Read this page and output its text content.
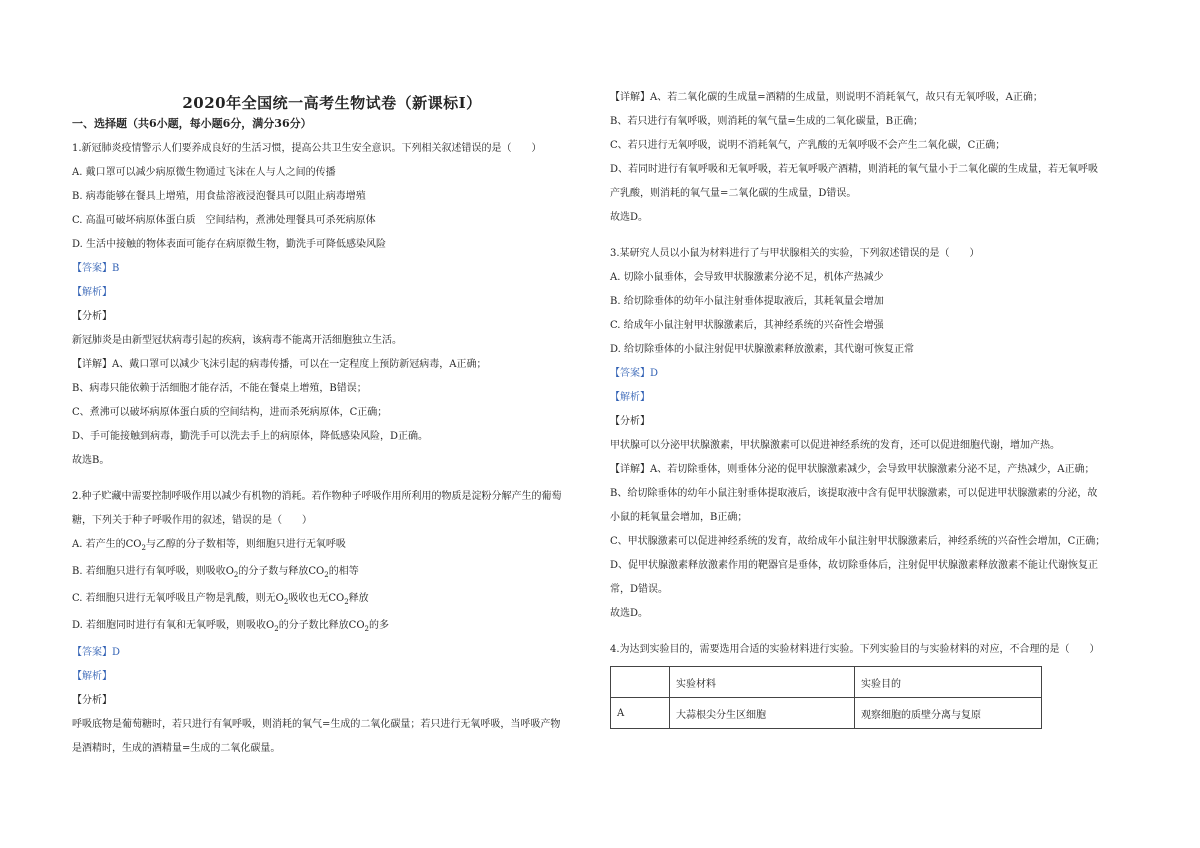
2020年全国统一高考生物试卷（新课标Ⅰ）
一、选择题（共6小题，每小题6分，满分36分）
1.新冠肺炎疫情警示人们要养成良好的生活习惯，提高公共卫生安全意识。下列相关叙述错误的是（　　）
A. 戴口罩可以减少病原微生物通过飞沫在人与人之间的传播
B. 病毒能够在餐具上增殖，用食盐溶液浸泡餐具可以阻止病毒增殖
C. 高温可破坏病原体蛋白质　空间结构，煮沸处理餐具可杀死病原体
D. 生活中接触的物体表面可能存在病原微生物，勤洗手可降低感染风险
【答案】B
【解析】
【分析】
新冠肺炎是由新型冠状病毒引起的疾病，该病毒不能离开活细胞独立生活。
【详解】A、戴口罩可以减少飞沫引起的病毒传播，可以在一定程度上预防新冠病毒，A正确；
B、病毒只能依赖于活细胞才能存活，不能在餐桌上增殖，B错误；
C、煮沸可以破坏病原体蛋白质的空间结构，进而杀死病原体，C正确；
D、手可能接触到病毒，勤洗手可以洗去手上的病原体，降低感染风险，D正确。
故选B。
2.种子贮藏中需要控制呼吸作用以减少有机物的消耗。若作物种子呼吸作用所利用的物质是淀粉分解产生的葡萄
糖，下列关于种子呼吸作用的叙述，错误的是（　　）
A. 若产生的$CO_2$与乙醇的分子数相等，则细胞只进行无氧呼吸
B. 若细胞只进行有氧呼吸，则吸收$O_2$的分子数与释放$CO_2$的相等
C. 若细胞只进行无氧呼吸且产物是乳酸，则无$O_2$吸收也无$CO_2$释放
D. 若细胞同时进行有氧和无氧呼吸，则吸收$O_2$的分子数比释放$CO_2$的多
【答案】D
【解析】
【分析】
呼吸底物是葡萄糖时，若只进行有氧呼吸，则消耗的氧气=生成的二氧化碳量；若只进行无氧呼吸，当呼吸产物
是酒精时，生成的酒精量=生成的二氧化碳量。
【详解】A、若二氧化碳的生成量=酒精的生成量，则说明不消耗氧气，故只有无氧呼吸，A正确；
B、若只进行有氧呼吸，则消耗的氧气量=生成的二氧化碳量，B正确；
C、若只进行无氧呼吸，说明不消耗氧气，产乳酸的无氧呼吸不会产生二氧化碳，C正确；
D、若同时进行有氧呼吸和无氧呼吸，若无氧呼吸产酒精，则消耗的氧气量小于二氧化碳的生成量，若无氧呼吸
产乳酸，则消耗的氧气量=二氧化碳的生成量，D错误。
故选D。
3.某研究人员以小鼠为材料进行了与甲状腺相关的实验，下列叙述错误的是（　　）
A. 切除小鼠垂体，会导致甲状腺激素分泌不足，机体产热减少
B. 给切除垂体的幼年小鼠注射垂体提取液后，其耗氧量会增加
C. 给成年小鼠注射甲状腺激素后，其神经系统的兴奋性会增强
D. 给切除垂体的小鼠注射促甲状腺激素释放激素，其代谢可恢复正常
【答案】D
【解析】
【分析】
甲状腺可以分泌甲状腺激素，甲状腺激素可以促进神经系统的发育，还可以促进细胞代谢，增加产热。
【详解】A、若切除垂体，则垂体分泌的促甲状腺激素减少，会导致甲状腺激素分泌不足，产热减少，A正确；
B、给切除垂体的幼年小鼠注射垂体提取液后，该提取液中含有促甲状腺激素，可以促进甲状腺激素的分泌，故
小鼠的耗氧量会增加，B正确；
C、甲状腺激素可以促进神经系统的发育，故给成年小鼠注射甲状腺激素后，神经系统的兴奋性会增加，C正确；
D、促甲状腺激素释放激素作用的靶器官是垂体，故切除垂体后，注射促甲状腺激素释放激素不能让代谢恢复正
常，D错误。
故选D。
4.为达到实验目的，需要选用合适的实验材料进行实验。下列实验目的与实验材料的对应，不合理的是（　　）
	实验材料	实验目的
A	大蒜根尖分生区细胞	观察细胞的质壁分离与复原
